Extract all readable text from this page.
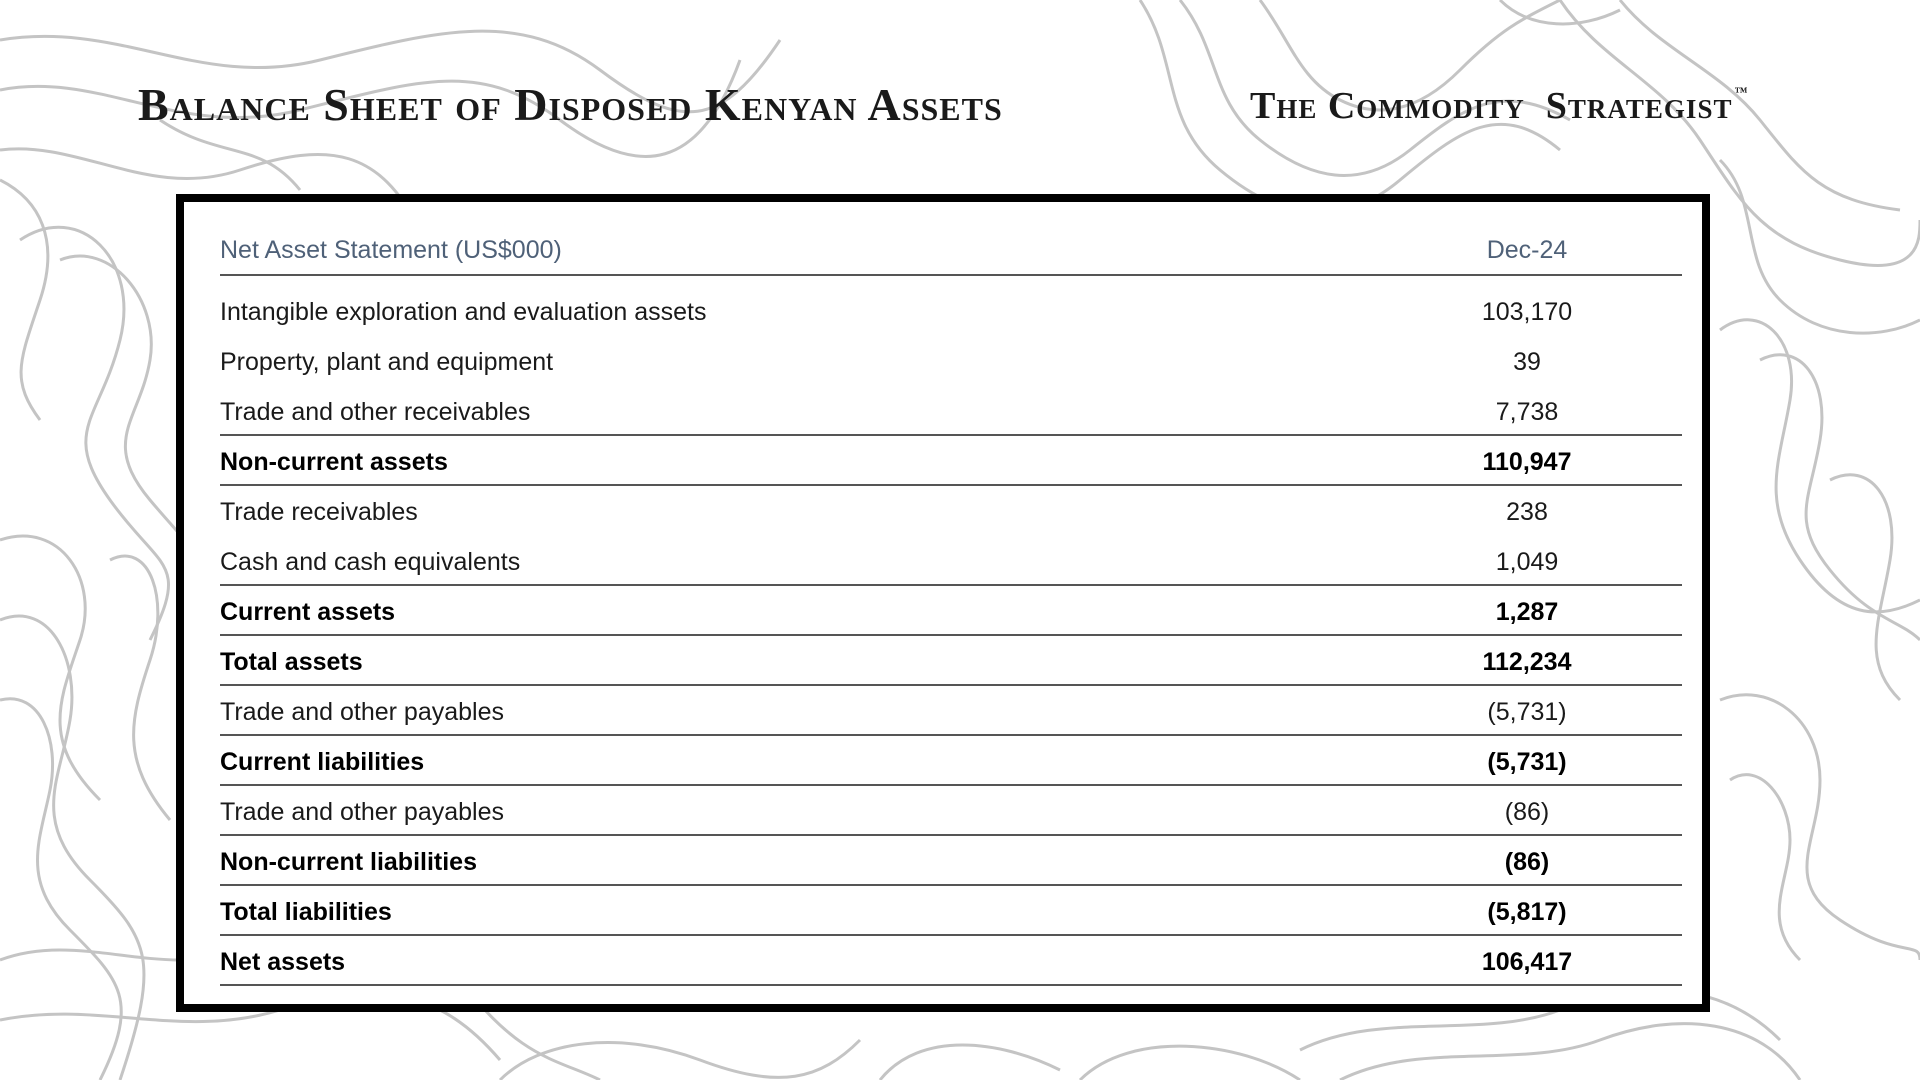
Balance Sheet of Disposed Kenyan Assets	The Commodity  Strategist ™
Net Asset Statement (US$000)	Dec-24
Intangible exploration and evaluation assets	103,170
Property, plant and equipment	39
Trade and other receivables	7,738
Non-current assets	110,947
Trade receivables	238
Cash and cash equivalents	1,049
Current assets	1,287
Total assets	112,234
Trade and other payables	(5,731)
Current liabilities	(5,731)
Trade and other payables	(86)
Non-current liabilities	(86)
Total liabilities	(5,817)
Net assets	106,417
